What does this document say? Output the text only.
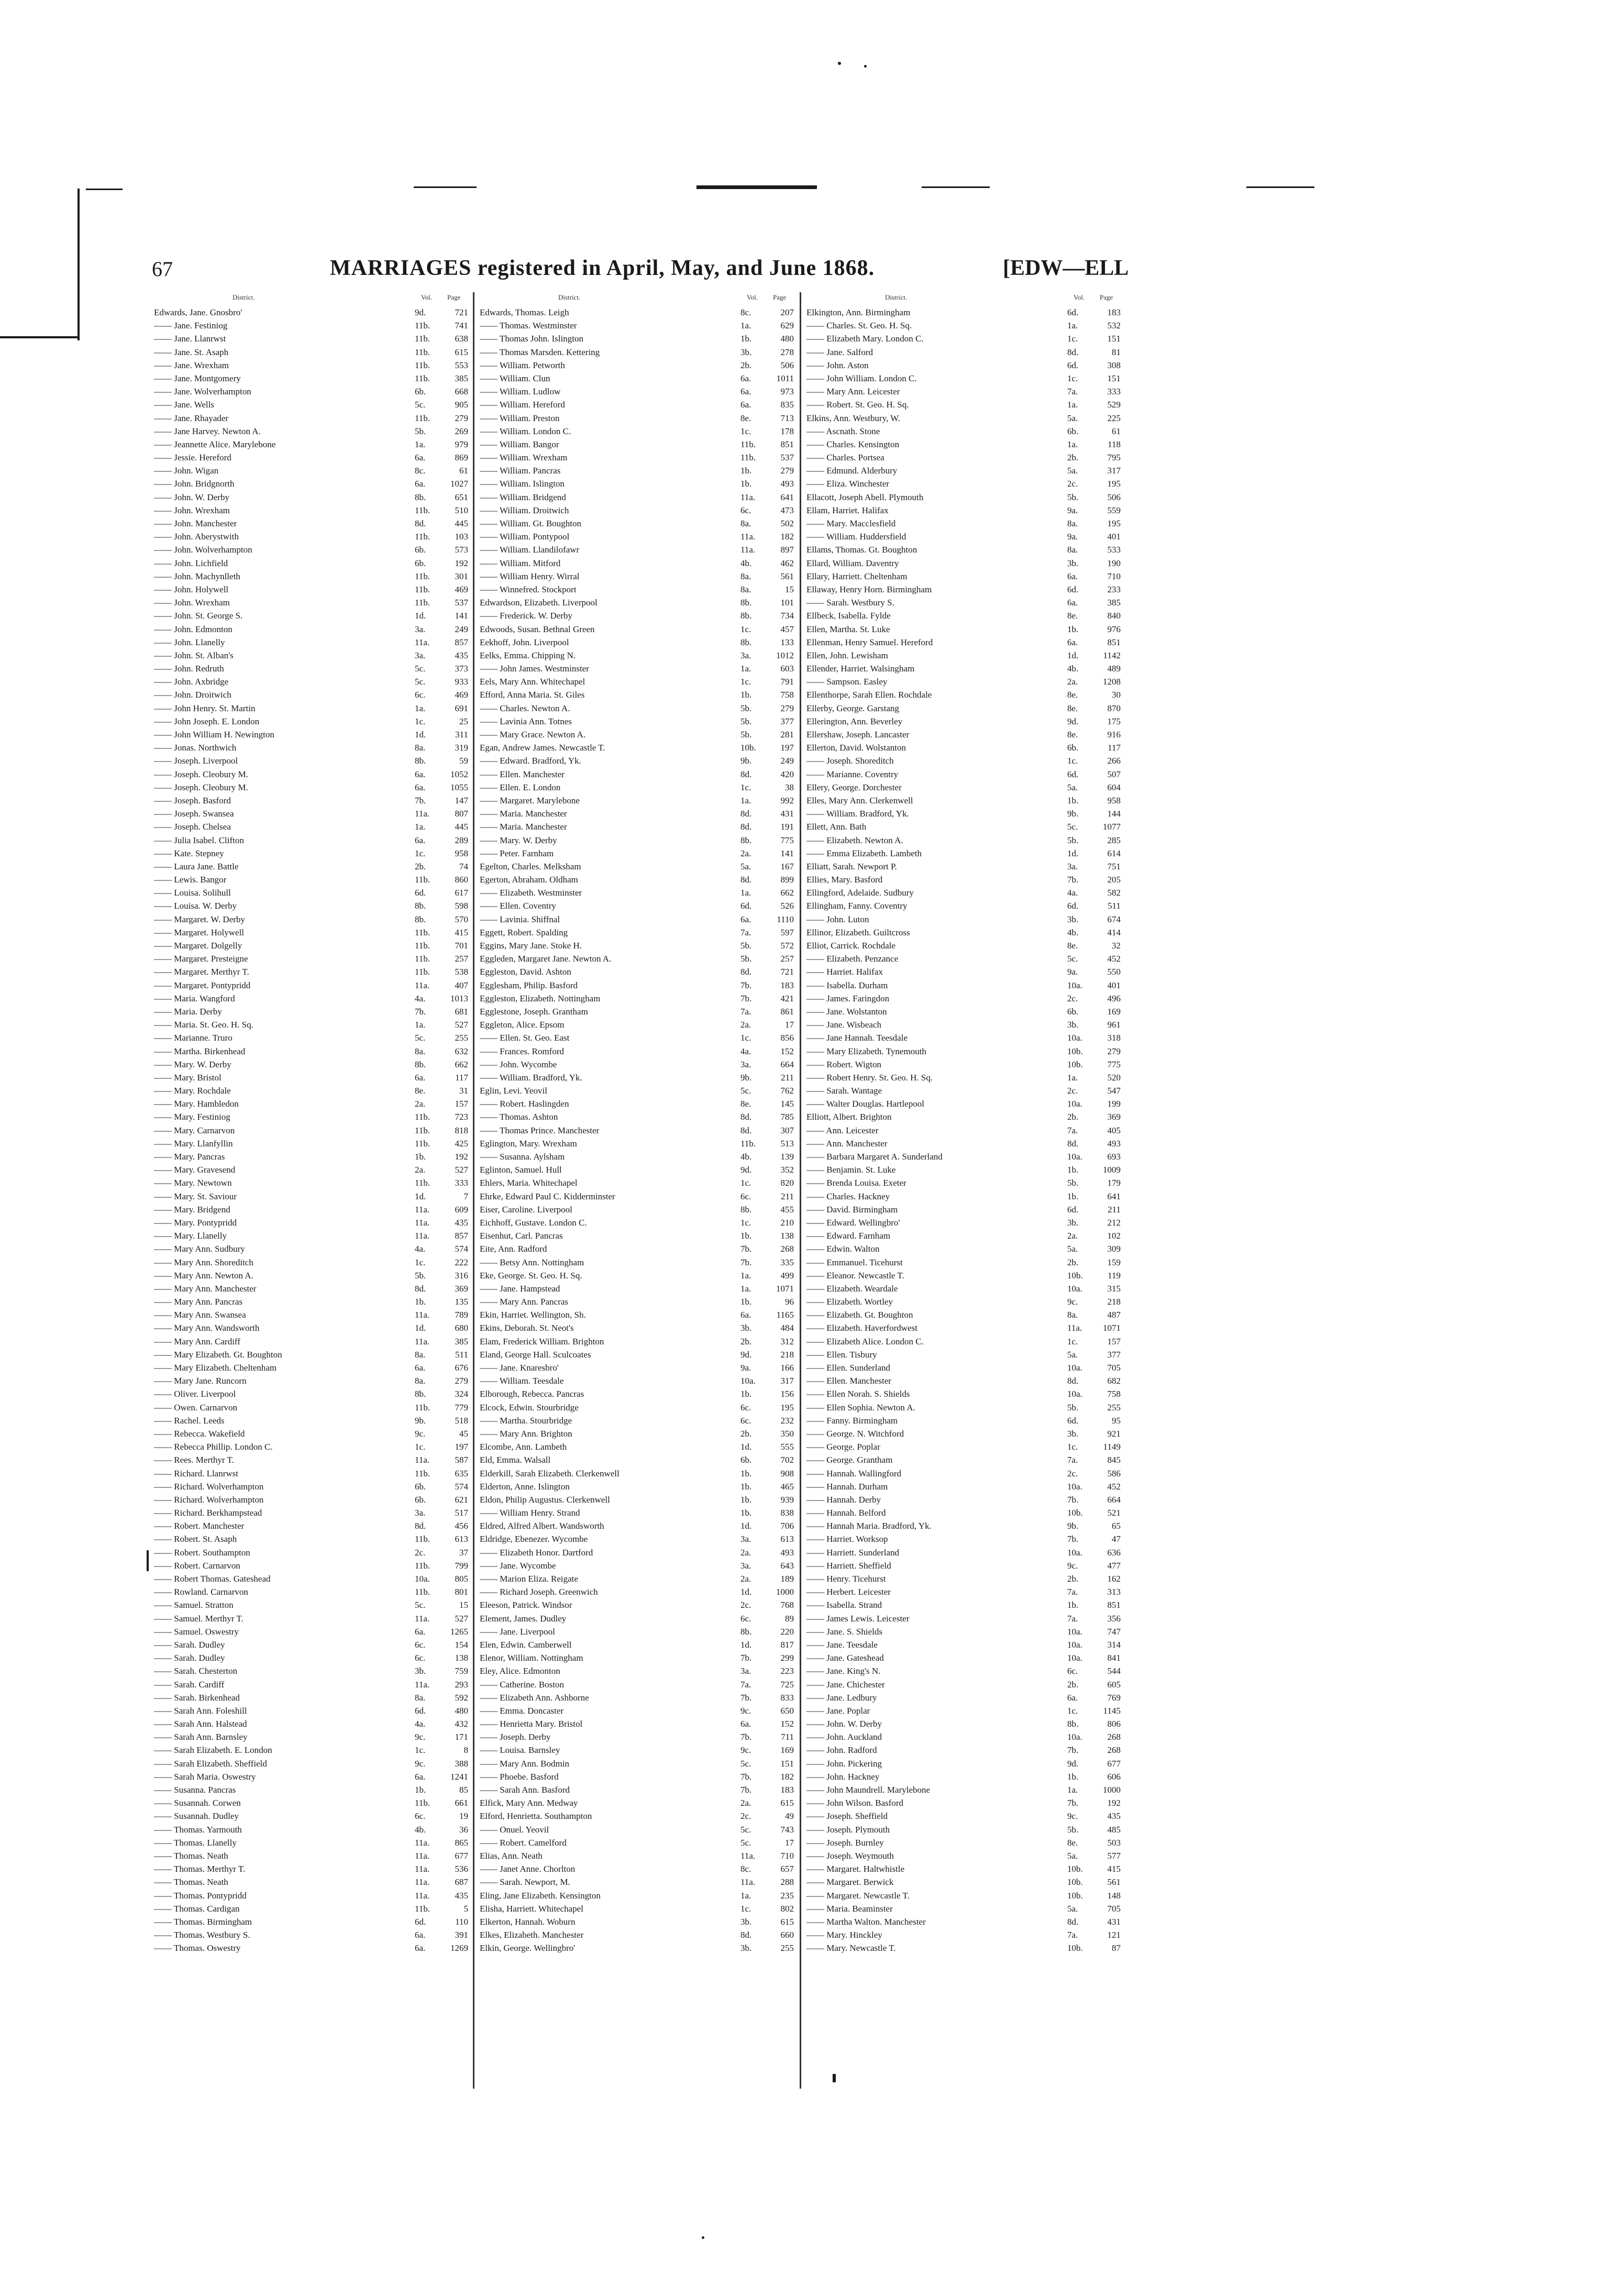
67	MARRIAGES registered in April, May, and June 1868.	[EDW—ELL
District.	Vol. Page
Edwards, Jane. Gnosbro'	9d.	721
—— Jane. Festiniog	11b.	741
—— Jane. Llanrwst	11b.	638
—— Jane. St. Asaph	11b.	615
—— Jane. Wrexham	11b.	553
—— Jane. Montgomery	11b.	385
—— Jane. Wolverhampton	6b.	668
—— Jane. Wells	5c.	905
—— Jane. Rhayader	11b.	279
—— Jane Harvey. Newton A.	5b.	269
—— Jeannette Alice. Marylebone	1a.	979
—— Jessie. Hereford	6a.	869
—— John. Wigan	8c.	61
—— John. Bridgnorth	6a.	1027
—— John. W. Derby	8b.	651
—— John. Wrexham	11b.	510
—— John. Manchester	8d.	445
—— John. Aberystwith	11b.	103
—— John. Wolverhampton	6b.	573
—— John. Lichfield	6b.	192
—— John. Machynlleth	11b.	301
—— John. Holywell	11b.	469
—— John. Wrexham	11b.	537
—— John. St. George S.	1d.	141
—— John. Edmonton	3a.	249
—— John. Llanelly	11a.	857
—— John. St. Alban's	3a.	435
—— John. Redruth	5c.	373
—— John. Axbridge	5c.	933
—— John. Droitwich	6c.	469
—— John Henry. St. Martin	1a.	691
—— John Joseph. E. London	1c.	25
—— John William H. Newington	1d.	311
—— Jonas. Northwich	8a.	319
—— Joseph. Liverpool	8b.	59
—— Joseph. Cleobury M.	6a.	1052
—— Joseph. Cleobury M.	6a.	1055
—— Joseph. Basford	7b.	147
—— Joseph. Swansea	11a.	807
—— Joseph. Chelsea	1a.	445
—— Julia Isabel. Clifton	6a.	289
—— Kate. Stepney	1c.	958
—— Laura Jane. Battle	2b.	74
—— Lewis. Bangor	11b.	860
—— Louisa. Solihull	6d.	617
—— Louisa. W. Derby	8b.	598
—— Margaret. W. Derby	8b.	570
—— Margaret. Holywell	11b.	415
—— Margaret. Dolgelly	11b.	701
—— Margaret. Presteigne	11b.	257
—— Margaret. Merthyr T.	11b.	538
—— Margaret. Pontypridd	11a.	407
—— Maria. Wangford	4a.	1013
—— Maria. Derby	7b.	681
—— Maria. St. Geo. H. Sq.	1a.	527
—— Marianne. Truro	5c.	255
—— Martha. Birkenhead	8a.	632
—— Mary. W. Derby	8b.	662
—— Mary. Bristol	6a.	117
—— Mary. Rochdale	8e.	31
—— Mary. Hambledon	2a.	157
—— Mary. Festiniog	11b.	723
—— Mary. Carnarvon	11b.	818
—— Mary. Llanfyllin	11b.	425
—— Mary. Pancras	1b.	192
—— Mary. Gravesend	2a.	527
—— Mary. Newtown	11b.	333
—— Mary. St. Saviour	1d.	7
—— Mary. Bridgend	11a.	609
—— Mary. Pontypridd	11a.	435
—— Mary. Llanelly	11a.	857
—— Mary Ann. Sudbury	4a.	574
—— Mary Ann. Shoreditch	1c.	222
—— Mary Ann. Newton A.	5b.	316
—— Mary Ann. Manchester	8d.	369
—— Mary Ann. Pancras	1b.	135
—— Mary Ann. Swansea	11a.	789
—— Mary Ann. Wandsworth	1d.	680
—— Mary Ann. Cardiff	11a.	385
—— Mary Elizabeth. Gt. Boughton	8a.	511
—— Mary Elizabeth. Cheltenham	6a.	676
—— Mary Jane. Runcorn	8a.	279
—— Oliver. Liverpool	8b.	324
—— Owen. Carnarvon	11b.	779
—— Rachel. Leeds	9b.	518
—— Rebecca. Wakefield	9c.	45
—— Rebecca Phillip. London C.	1c.	197
—— Rees. Merthyr T.	11a.	587
—— Richard. Llanrwst	11b.	635
—— Richard. Wolverhampton	6b.	574
—— Richard. Wolverhampton	6b.	621
—— Richard. Berkhampstead	3a.	517
—— Robert. Manchester	8d.	456
—— Robert. St. Asaph	11b.	613
—— Robert. Southampton	2c.	37
—— Robert. Carnarvon	11b.	799
—— Robert Thomas. Gateshead	10a.	805
—— Rowland. Carnarvon	11b.	801
—— Samuel. Stratton	5c.	15
—— Samuel. Merthyr T.	11a.	527
—— Samuel. Oswestry	6a.	1265
—— Sarah. Dudley	6c.	154
—— Sarah. Dudley	6c.	138
—— Sarah. Chesterton	3b.	759
—— Sarah. Cardiff	11a.	293
—— Sarah. Birkenhead	8a.	592
—— Sarah Ann. Foleshill	6d.	480
—— Sarah Ann. Halstead	4a.	432
—— Sarah Ann. Barnsley	9c.	171
—— Sarah Elizabeth. E. London	1c.	8
—— Sarah Elizabeth. Sheffield	9c.	388
—— Sarah Maria. Oswestry	6a.	1241
—— Susanna. Pancras	1b.	85
—— Susannah. Corwen	11b.	661
—— Susannah. Dudley	6c.	19
—— Thomas. Yarmouth	4b.	36
—— Thomas. Llanelly	11a.	865
—— Thomas. Neath	11a.	677
—— Thomas. Merthyr T.	11a.	536
—— Thomas. Neath	11a.	687
—— Thomas. Pontypridd	11a.	435
—— Thomas. Cardigan	11b.	5
—— Thomas. Birmingham	6d.	110
—— Thomas. Westbury S.	6a.	391
—— Thomas. Oswestry	6a.	1269
District.	Vol. Page
Edwards, Thomas. Leigh	8c.	207
—— Thomas. Westminster	1a.	629
—— Thomas John. Islington	1b.	480
—— Thomas Marsden. Kettering	3b.	278
—— William. Petworth	2b.	506
—— William. Clun	6a.	1011
—— William. Ludlow	6a.	973
—— William. Hereford	6a.	835
—— William. Preston	8e.	713
—— William. London C.	1c.	178
—— William. Bangor	11b.	851
—— William. Wrexham	11b.	537
—— William. Pancras	1b.	279
—— William. Islington	1b.	493
—— William. Bridgend	11a.	641
—— William. Droitwich	6c.	473
—— William. Gt. Boughton	8a.	502
—— William. Pontypool	11a.	182
—— William. Llandilofawr	11a.	897
—— William. Mitford	4b.	462
—— William Henry. Wirral	8a.	561
—— Winnefred. Stockport	8a.	15
Edwardson, Elizabeth. Liverpool	8b.	101
—— Frederick. W. Derby	8b.	734
Edwoods, Susan. Bethnal Green	1c.	457
Eekhoff, John. Liverpool	8b.	133
Eelks, Emma. Chipping N.	3a.	1012
—— John James. Westminster	1a.	603
Eels, Mary Ann. Whitechapel	1c.	791
Efford, Anna Maria. St. Giles	1b.	758
—— Charles. Newton A.	5b.	279
—— Lavinia Ann. Totnes	5b.	377
—— Mary Grace. Newton A.	5b.	281
Egan, Andrew James. Newcastle T.	10b.	197
—— Edward. Bradford, Yk.	9b.	249
—— Ellen. Manchester	8d.	420
—— Ellen. E. London	1c.	38
—— Margaret. Marylebone	1a.	992
—— Maria. Manchester	8d.	431
—— Maria. Manchester	8d.	191
—— Mary. W. Derby	8b.	775
—— Peter. Farnham	2a.	141
Egelton, Charles. Melksham	5a.	167
Egerton, Abraham. Oldham	8d.	899
—— Elizabeth. Westminster	1a.	662
—— Ellen. Coventry	6d.	526
—— Lavinia. Shiffnal	6a.	1110
Eggett, Robert. Spalding	7a.	597
Eggins, Mary Jane. Stoke H.	5b.	572
Eggleden, Margaret Jane. Newton A.	5b.	257
Eggleston, David. Ashton	8d.	721
Egglesham, Philip. Basford	7b.	183
Eggleston, Elizabeth. Nottingham	7b.	421
Egglestone, Joseph. Grantham	7a.	861
Eggleton, Alice. Epsom	2a.	17
—— Ellen. St. Geo. East	1c.	856
—— Frances. Romford	4a.	152
—— John. Wycombe	3a.	664
—— William. Bradford, Yk.	9b.	211
Eglin, Levi. Yeovil	5c.	762
—— Robert. Haslingden	8e.	145
—— Thomas. Ashton	8d.	785
—— Thomas Prince. Manchester	8d.	307
Eglington, Mary. Wrexham	11b.	513
—— Susanna. Aylsham	4b.	139
Eglinton, Samuel. Hull	9d.	352
Ehlers, Maria. Whitechapel	1c.	820
Ehrke, Edward Paul C. Kidderminster	6c.	211
Eiser, Caroline. Liverpool	8b.	455
Eichhoff, Gustave. London C.	1c.	210
Eisenhut, Carl. Pancras	1b.	138
Eite, Ann. Radford	7b.	268
—— Betsy Ann. Nottingham	7b.	335
Eke, George. St. Geo. H. Sq.	1a.	499
—— Jane. Hampstead	1a.	1071
—— Mary Ann. Pancras	1b.	96
Ekin, Harriet. Wellington, Sh.	6a.	1165
Ekins, Deborah. St. Neot's	3b.	484
Elam, Frederick William. Brighton	2b.	312
Eland, George Hall. Sculcoates	9d.	218
—— Jane. Knaresbro'	9a.	166
—— William. Teesdale	10a.	317
Elborough, Rebecca. Pancras	1b.	156
Elcock, Edwin. Stourbridge	6c.	195
—— Martha. Stourbridge	6c.	232
—— Mary Ann. Brighton	2b.	350
Elcombe, Ann. Lambeth	1d.	555
Eld, Emma. Walsall	6b.	702
Elderkill, Sarah Elizabeth. Clerkenwell	1b.	908
Elderton, Anne. Islington	1b.	465
Eldon, Philip Augustus. Clerkenwell	1b.	939
—— William Henry. Strand	1b.	838
Eldred, Alfred Albert. Wandsworth	1d.	706
Eldridge, Ebenezer. Wycombe	3a.	613
—— Elizabeth Honor. Dartford	2a.	493
—— Jane. Wycombe	3a.	643
—— Marion Eliza. Reigate	2a.	189
—— Richard Joseph. Greenwich	1d.	1000
Eleeson, Patrick. Windsor	2c.	768
Element, James. Dudley	6c.	89
—— Jane. Liverpool	8b.	220
Elen, Edwin. Camberwell	1d.	817
Elenor, William. Nottingham	7b.	299
Eley, Alice. Edmonton	3a.	223
—— Catherine. Boston	7a.	725
—— Elizabeth Ann. Ashborne	7b.	833
—— Emma. Doncaster	9c.	650
—— Henrietta Mary. Bristol	6a.	152
—— Joseph. Derby	7b.	711
—— Louisa. Barnsley	9c.	169
—— Mary Ann. Bodmin	5c.	151
—— Phoebe. Basford	7b.	182
—— Sarah Ann. Basford	7b.	183
Elfick, Mary Ann. Medway	2a.	615
Elford, Henrietta. Southampton	2c.	49
—— Onuel. Yeovil	5c.	743
—— Robert. Camelford	5c.	17
Elias, Ann. Neath	11a.	710
—— Janet Anne. Chorlton	8c.	657
—— Sarah. Newport, M.	11a.	288
Eling, Jane Elizabeth. Kensington	1a.	235
Elisha, Harriett. Whitechapel	1c.	802
Elkerton, Hannah. Woburn	3b.	615
Elkes, Elizabeth. Manchester	8d.	660
Elkin, George. Wellingbro'	3b.	255
District.	Vol. Page
Elkington, Ann. Birmingham	6d.	183
—— Charles. St. Geo. H. Sq.	1a.	532
—— Elizabeth Mary. London C.	1c.	151
—— Jane. Salford	8d.	81
—— John. Aston	6d.	308
—— John William. London C.	1c.	151
—— Mary Ann. Leicester	7a.	333
—— Robert. St. Geo. H. Sq.	1a.	529
Elkins, Ann. Westbury, W.	5a.	225
—— Ascnath. Stone	6b.	61
—— Charles. Kensington	1a.	118
—— Charles. Portsea	2b.	795
—— Edmund. Alderbury	5a.	317
—— Eliza. Winchester	2c.	195
Ellacott, Joseph Abell. Plymouth	5b.	506
Ellam, Harriet. Halifax	9a.	559
—— Mary. Macclesfield	8a.	195
—— William. Huddersfield	9a.	401
Ellams, Thomas. Gt. Boughton	8a.	533
Ellard, William. Daventry	3b.	190
Ellary, Harriett. Cheltenham	6a.	710
Ellaway, Henry Horn. Birmingham	6d.	233
—— Sarah. Westbury S.	6a.	385
Ellbeck, Isabella. Fylde	8e.	840
Ellen, Martha. St. Luke	1b.	976
Ellenman, Henry Samuel. Hereford	6a.	851
Ellen, John. Lewisham	1d.	1142
Ellender, Harriet. Walsingham	4b.	489
—— Sampson. Easley	2a.	1208
Ellenthorpe, Sarah Ellen. Rochdale	8e.	30
Ellerby, George. Garstang	8e.	870
Ellerington, Ann. Beverley	9d.	175
Ellershaw, Joseph. Lancaster	8e.	916
Ellerton, David. Wolstanton	6b.	117
—— Joseph. Shoreditch	1c.	266
—— Marianne. Coventry	6d.	507
Ellery, George. Dorchester	5a.	604
Elles, Mary Ann. Clerkenwell	1b.	958
—— William. Bradford, Yk.	9b.	144
Ellett, Ann. Bath	5c.	1077
—— Elizabeth. Newton A.	5b.	285
—— Emma Elizabeth. Lambeth	1d.	614
Elliatt, Sarah. Newport P.	3a.	751
Ellies, Mary. Basford	7b.	205
Ellingford, Adelaide. Sudbury	4a.	582
Ellingham, Fanny. Coventry	6d.	511
—— John. Luton	3b.	674
Ellinor, Elizabeth. Guiltcross	4b.	414
Elliot, Carrick. Rochdale	8e.	32
—— Elizabeth. Penzance	5c.	452
—— Harriet. Halifax	9a.	550
—— Isabella. Durham	10a.	401
—— James. Faringdon	2c.	496
—— Jane. Wolstanton	6b.	169
—— Jane. Wisbeach	3b.	961
—— Jane Hannah. Teesdale	10a.	318
—— Mary Elizabeth. Tynemouth	10b.	279
—— Robert. Wigton	10b.	775
—— Robert Henry. St. Geo. H. Sq.	1a.	520
—— Sarah. Wantage	2c.	547
—— Walter Douglas. Hartlepool	10a.	199
Elliott, Albert. Brighton	2b.	369
—— Ann. Leicester	7a.	405
—— Ann. Manchester	8d.	493
—— Barbara Margaret A. Sunderland	10a.	693
—— Benjamin. St. Luke	1b.	1009
—— Brenda Louisa. Exeter	5b.	179
—— Charles. Hackney	1b.	641
—— David. Birmingham	6d.	211
—— Edward. Wellingbro'	3b.	212
—— Edward. Farnham	2a.	102
—— Edwin. Walton	5a.	309
—— Emmanuel. Ticehurst	2b.	159
—— Eleanor. Newcastle T.	10b.	119
—— Elizabeth. Weardale	10a.	315
—— Elizabeth. Wortley	9c.	218
—— Elizabeth. Gt. Boughton	8a.	487
—— Elizabeth. Haverfordwest	11a.	1071
—— Elizabeth Alice. London C.	1c.	157
—— Ellen. Tisbury	5a.	377
—— Ellen. Sunderland	10a.	705
—— Ellen. Manchester	8d.	682
—— Ellen Norah. S. Shields	10a.	758
—— Ellen Sophia. Newton A.	5b.	255
—— Fanny. Birmingham	6d.	95
—— George. N. Witchford	3b.	921
—— George. Poplar	1c.	1149
—— George. Grantham	7a.	845
—— Hannah. Wallingford	2c.	586
—— Hannah. Durham	10a.	452
—— Hannah. Derby	7b.	664
—— Hannah. Belford	10b.	521
—— Hannah Maria. Bradford, Yk.	9b.	65
—— Harriet. Worksop	7b.	47
—— Harriett. Sunderland	10a.	636
—— Harriett. Sheffield	9c.	477
—— Henry. Ticehurst	2b.	162
—— Herbert. Leicester	7a.	313
—— Isabella. Strand	1b.	851
—— James Lewis. Leicester	7a.	356
—— Jane. S. Shields	10a.	747
—— Jane. Teesdale	10a.	314
—— Jane. Gateshead	10a.	841
—— Jane. King's N.	6c.	544
—— Jane. Chichester	2b.	605
—— Jane. Ledbury	6a.	769
—— Jane. Poplar	1c.	1145
—— John. W. Derby	8b.	806
—— John. Auckland	10a.	268
—— John. Radford	7b.	268
—— John. Pickering	9d.	677
—— John. Hackney	1b.	606
—— John Maundrell. Marylebone	1a.	1000
—— John Wilson. Basford	7b.	192
—— Joseph. Sheffield	9c.	435
—— Joseph. Plymouth	5b.	485
—— Joseph. Burnley	8e.	503
—— Joseph. Weymouth	5a.	577
—— Margaret. Haltwhistle	10b.	415
—— Margaret. Berwick	10b.	561
—— Margaret. Newcastle T.	10b.	148
—— Maria. Beaminster	5a.	705
—— Martha Walton. Manchester	8d.	431
—— Mary. Hinckley	7a.	121
—— Mary. Newcastle T.	10b.	87
